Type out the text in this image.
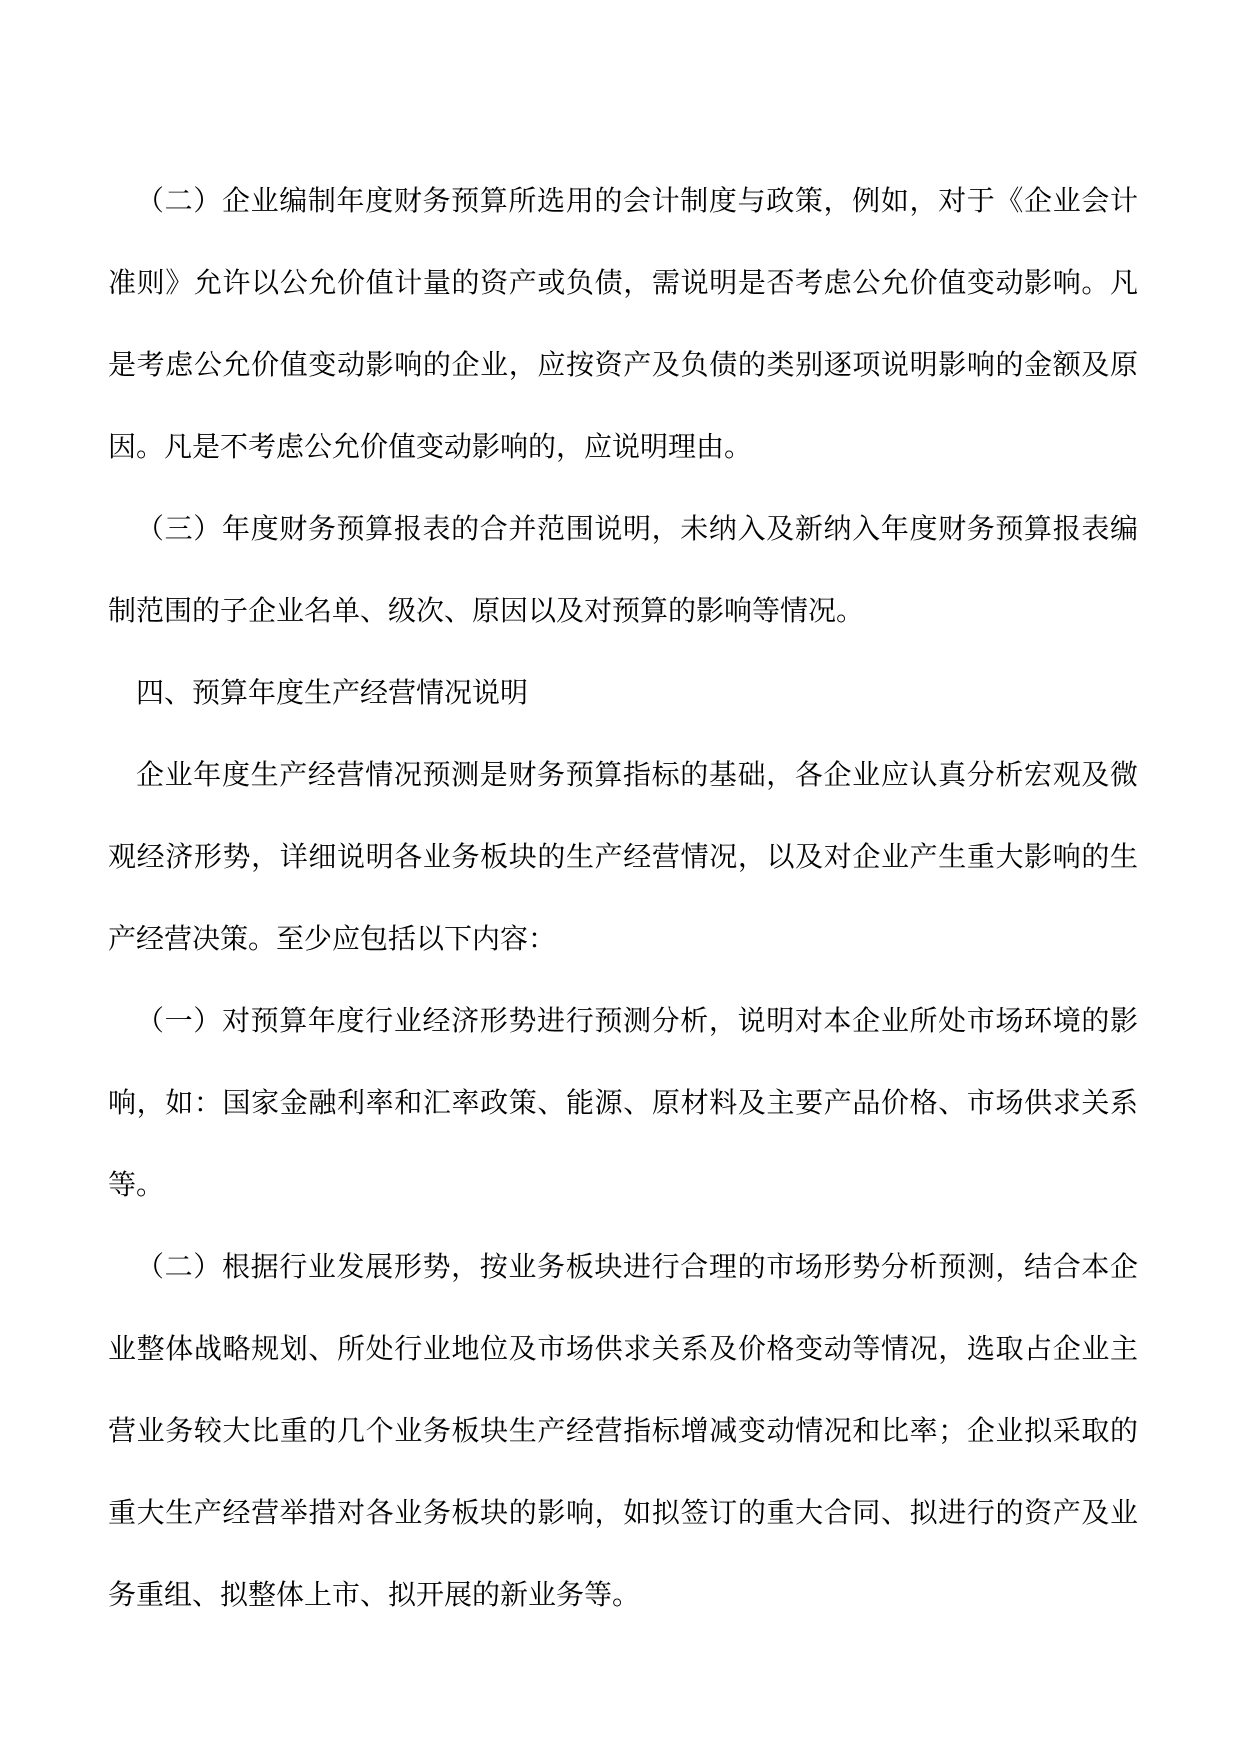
（二）企业编制年度财务预算所选用的会计制度与政策，例如，对于《企业会计准则》允许以公允价值计量的资产或负债，需说明是否考虑公允价值变动影响。凡是考虑公允价值变动影响的企业，应按资产及负债的类别逐项说明影响的金额及原因。凡是不考虑公允价值变动影响的，应说明理由。

（三）年度财务预算报表的合并范围说明，未纳入及新纳入年度财务预算报表编制范围的子企业名单、级次、原因以及对预算的影响等情况。

四、预算年度生产经营情况说明

企业年度生产经营情况预测是财务预算指标的基础，各企业应认真分析宏观及微观经济形势，详细说明各业务板块的生产经营情况，以及对企业产生重大影响的生产经营决策。至少应包括以下内容：

（一）对预算年度行业经济形势进行预测分析，说明对本企业所处市场环境的影响，如：国家金融利率和汇率政策、能源、原材料及主要产品价格、市场供求关系等。

（二）根据行业发展形势，按业务板块进行合理的市场形势分析预测，结合本企业整体战略规划、所处行业地位及市场供求关系及价格变动等情况，选取占企业主营业务较大比重的几个业务板块生产经营指标增减变动情况和比率；企业拟采取的重大生产经营举措对各业务板块的影响，如拟签订的重大合同、拟进行的资产及业务重组、拟整体上市、拟开展的新业务等。
